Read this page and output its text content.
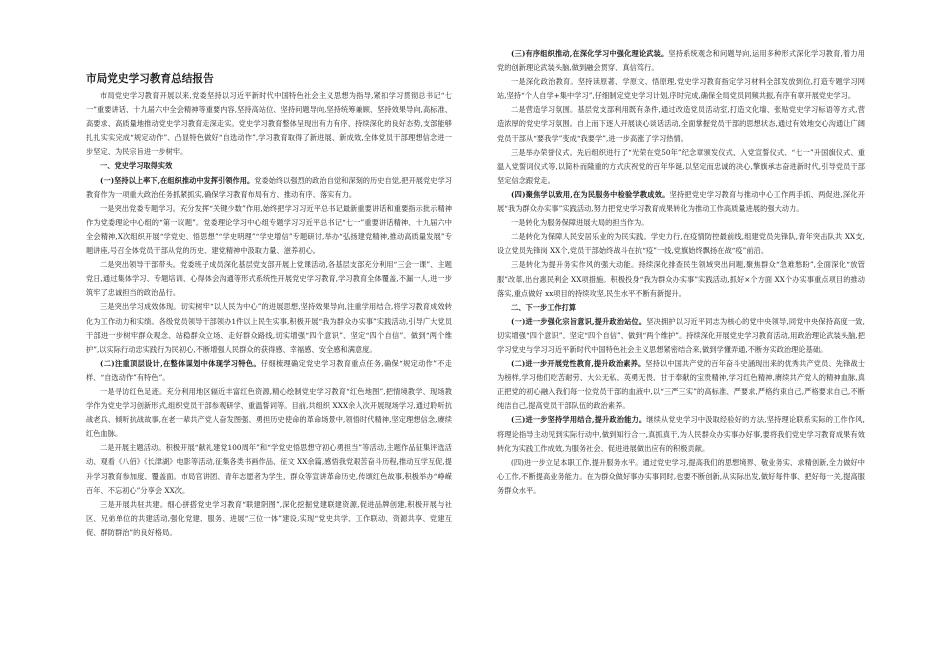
市局党史学习教育总结报告

市局党史学习教育开展以来,党委坚持以习近平新时代中国特色社会主义思想为指导,紧扣学习贯彻总书记“七一”重要讲话、十九届六中全会精神等重要内容,坚持高站位、坚持问题导向,坚持统筹兼顾、坚持效果导向,高标准、高要求、高质量地推动党史学习教育走深走实。党史学习教育整体呈现出有力有序、持续深化的良好态势,支部能够扎扎实实完成“规定动作”、凸显特色做好“自选动作”,学习教育取得了新进展、新成效,全体党员干部理想信念进一步坚定、为民宗旨进一步树牢。

一、党史学习取得实效

(一)坚持以上率下,在组织推动中发挥引领作用。党委始终以强烈的政治自觉和深刻的历史自觉,把开展党史学习教育作为一项重大政治任务抓紧抓实,确保学习教育布局有方、推动有序、落实有力。

一是突出党委专题学习。充分发挥“关键少数”作用,始终把学习习近平总书记最新重要讲话和重要指示批示精神作为党委理论中心组的“第一议题”。党委理论学习中心组专题学习习近平总书记“七一”重要讲话精神、十九届六中全会精神,X次组织开展“学党史、悟思想”“学史明理”“学史增信”专题研讨,举办“弘扬建党精神,推动高质量发展”专题讲座,号召全体党员干部从党的历史、建党精神中汲取力量、滋养初心。

二是突出领导干部带头。党委班子成员深化基层党支部开展上党课活动,各基层支部充分利用“三会一课”、主题党日,通过集体学习、专题培训、心得体会沟通等形式系统性开展党史学习教育,学习教育全体覆盖,不漏一人,进一步筑牢了忠诚担当的政治品行。

三是突出学习成效体现。切实树牢“以人民为中心”的进展思想,坚持效果导向,注重学用结合,将学习教育成效转化为工作动力和实绩。各级党员领导干部领办1件以上民生实事,积极开展“我为群众办实事”实践活动,引导广大党员干部进一步树牢群众观念、站稳群众立场、走好群众路线,切实增强“四个意识”、坚定“四个自信”、做到“两个维护”,以实际行动忠实践行为民初心,不断增强人民群众的获得感、幸福感、安全感和满意度。

(二)注重顶层设计,在整体谋划中体现学习特色。仔细梳理确定党史学习教育重点任务,确保“规定动作”不走样、“自选动作”有特色”。

一是寻访红色足迹。充分利用地区辐近丰富红色资源,精心绘制党史学习教育“红色地图”,把情境教学、现场教学作为党史学习创新形式,组织党员干部参观研学、重温誓词等。目前,共组织 XXX余人次开展现场学习,通过聆听抗战老兵、倾听抗战故事,在老一辈共产党人奋发图强、勇担历史使命的革命场景中,领悟时代精神,坚定理想信念,赓续红色血脉。

二是开展主题活动。积极开展“献礼建党100周年”和“学党史悟思想守初心勇担当”等活动,主题作品征集评选活动、观看《八佰》《长津湖》电影等活动,征集各类书画作品、征文 XX余篇,感悟我党艰苦奋斗历程,推动互学互促,提升学习教育参加度、覆盖面。市局官讲团、青年志愿者为学生、群众等宣讲革命历史,传颂红色故事,积极举办“峥嵘百年、不忘初心”分享会 XX次。

三是开展共驻共建。细心拼搭党史学习教育“联建阴图”,深化挖掘党建联建资源,促进品牌创建,积极开展与社区、兄弟单位的共建活动,强化党建、服务、进展“三位一体”建设,实现“党史共学、工作联动、资源共享、党建互促、群防群治”的良好格局。

(三)有序组织推动,在深化学习中强化理论武装。坚持系统观念和问题导向,运用多种形式深化学习教育,着力用党的创新理论武装头脑,做到融会贯穿、真信笃行。

一是深化政治教育。坚持读原著、学原文、悟原理,党史学习教育指定学习材料全部发放到位,打造专题学习网站,坚持“个人自学+集中学习”,仔细制定党史学习计划,序时完成,确保全局党员同频共振,有序有章开展党史学习。

二是营造学习氛围。基层党支部利用既有条件,通过改造党员活动室,打造文化墙、张贴党史学习标语等方式,营造浓厚的党史学习氛围。自上而下逐人开展谈心谈话活动,全面掌握党员干部的思想状态,通过有效地交心沟通让广阔党员干部从“要我学”变成“我要学”,进一步高涨了学习热情。

三是举办荣誉仪式。先后组织进行了“光荣在党50年”纪念章颁发仪式、入党宣誓仪式、“七一”升国旗仪式、重温入党誓词仪式等,以简朴而隆重的方式庆祝党的百年华诞,以坚定而忠诚的决心,擎旗承志奋进新时代,引导党员干部坚定信念跟党走。

(四)聚焦学以致用,在为民服务中检验学教成效。坚持把党史学习教育与推动中心工作两手抓、两促进,深化开展“我为群众办实事”实践活动,努力把党史学习教育成果转化为推动工作高质量进展的强大动力。

一是转化为服务保障进展大局的担当作为。

二是转化为保障人民安居乐业的为民实践。学史力行,在疫情防控最前线,组建党员先锋队,青年突击队共 XX支,设立党员先锋岗 XX个,党员干部始终战斗在抗“疫”一线,党旗始终飘扬在战“疫”前沿。

三是转化为提升务实作风的强大动能。持续深化排查民生领域突出问题,聚焦群众“急难愁盼”,全面深化“放管服”改革,出台惠民利企 XX项措施。积极投身“我为群众办实事”实践活动,抓好×个方面 XX个办实事重点项目的推动落实,重点做好 xx项目的持续攻坚,民生水平不断有新提升。

二、下一步工作打算

(一)进一步强化宗旨意识,提升政治站位。坚决拥护以习近平同志为核心的党中央领导,同党中央保持高度一致,切实增强“四个意识”、坚定“四个自信”、做到“两个维护”。持续深化开展党史学习教育活动,用政治理论武装头脑,把学习党史与学习习近平新时代中国特色社会主义思想紧密结合来,做到学懂弄通,不断夯实政治理论基础。

(二)进一步开展党性教育,提升政治素养。坚持以中国共产党的百年奋斗史涵现出来的优秀共产党员、先锋战士为榜样,学习他们吃苦耐劳、大公无私、英勇无畏、甘于奉献的宝贵精神,学习红色精神,赓续共产党人的精神血脉,真正把党的初心融入我们每一位党员干部的血液中,以“三严三实”的高标准、严要求,严格约束自己,严格要求自己,不断纯洁自己,提高党员干部队伍的政治素养。

(三)进一步坚持学用结合,提升政治能力。继续从党史学习中汲取经验好的方法,坚持理论联系实际的工作作风,将理论指导主动见到实际行动中,做到知行合一,真抓真干,为人民群众办实事办好事,要将我们党史学习教育成果有效转化为实践工作成效,为服务社会、促进进展做出应有的积极贡献。

(四)进一步立足本职工作,提升服务水平。通过党史学习,提高我们的思想境界、敬业务实、求精创新,全力做好中心工作,不断提高业务能力。在为群众做好事办实事同时,也要不断创新,从实际出发,做好每件事、把好每一关,提高服务群众水平。
